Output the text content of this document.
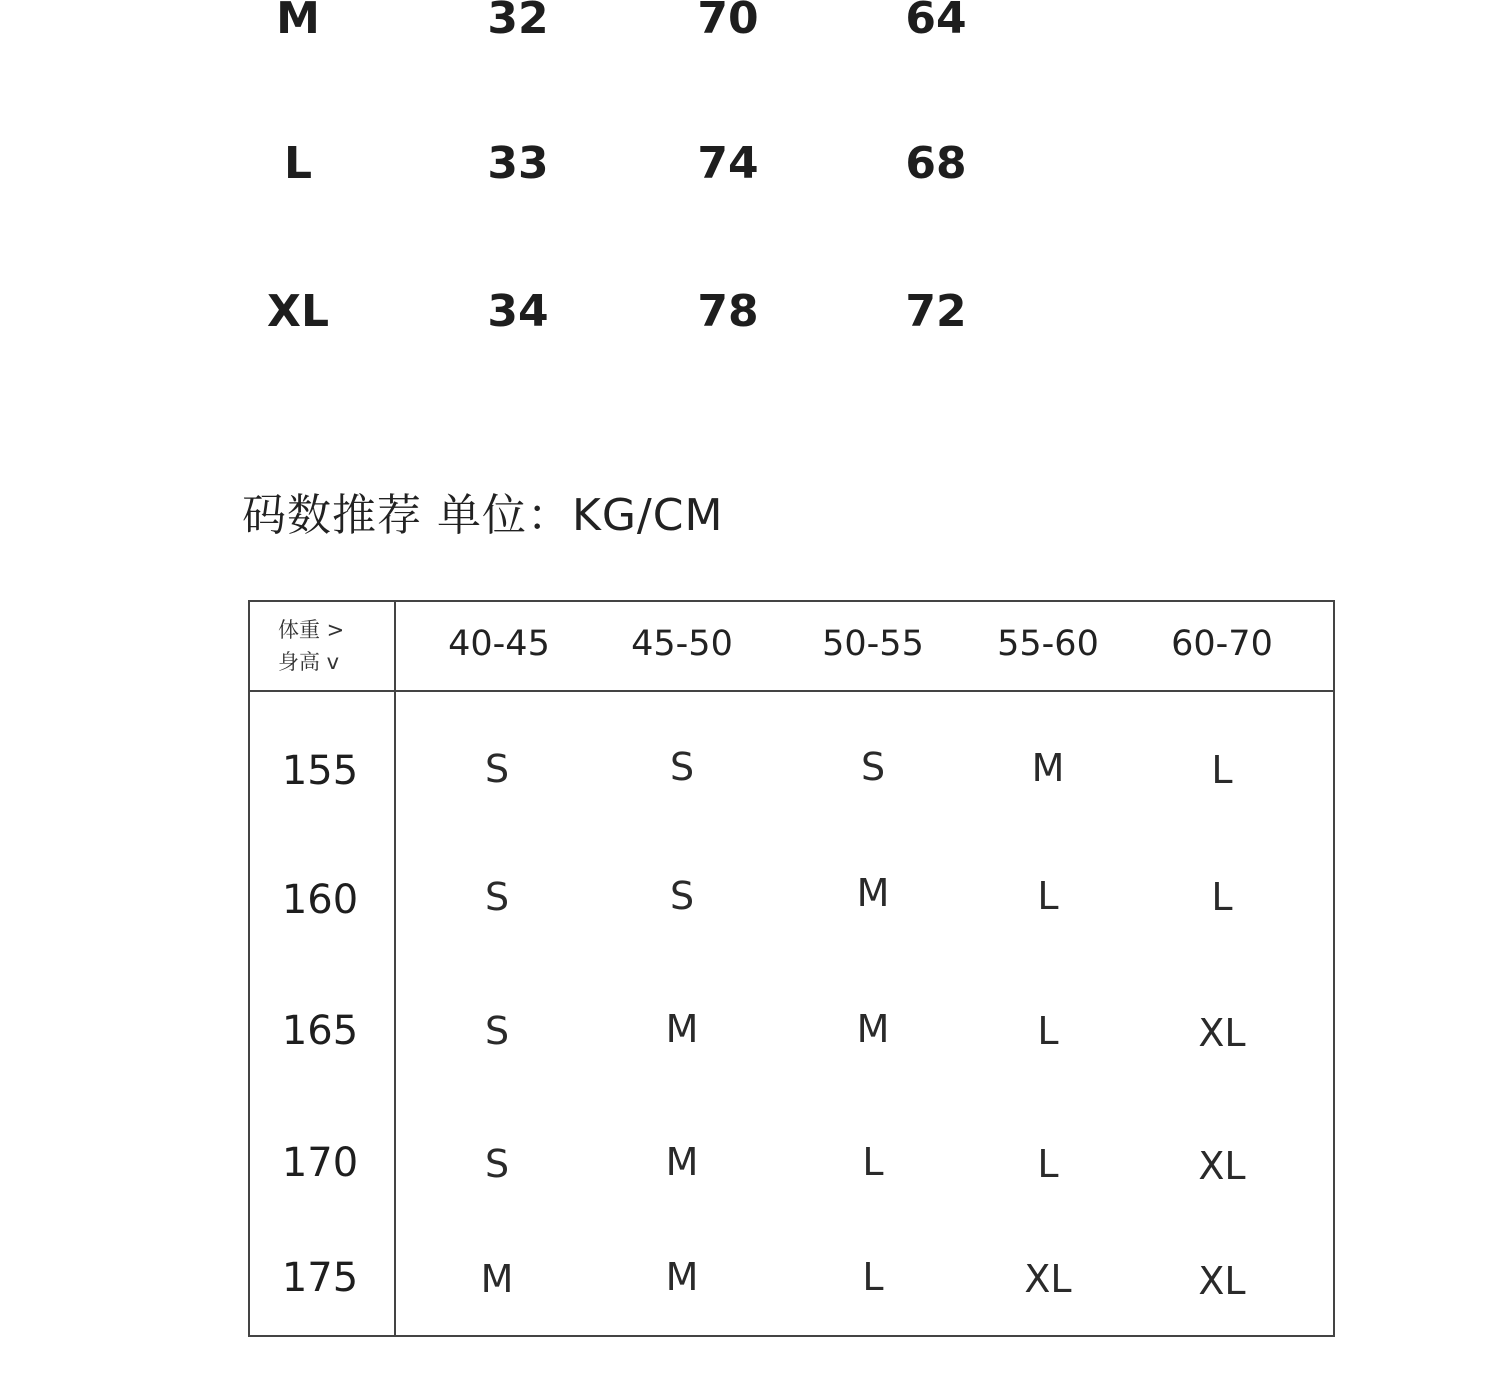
M	32	70	64
L	33	74	68
XL	34	78	72
码数推荐 单位：KG/CM
体重 >
身高 v	40-45	45-50	50-55	55-60	60-70
155	S	S	S	M	L
160	S	S	M	L	L
165	S	M	M	L	XL
170	S	M	L	L	XL
175	M	M	L	XL	XL
